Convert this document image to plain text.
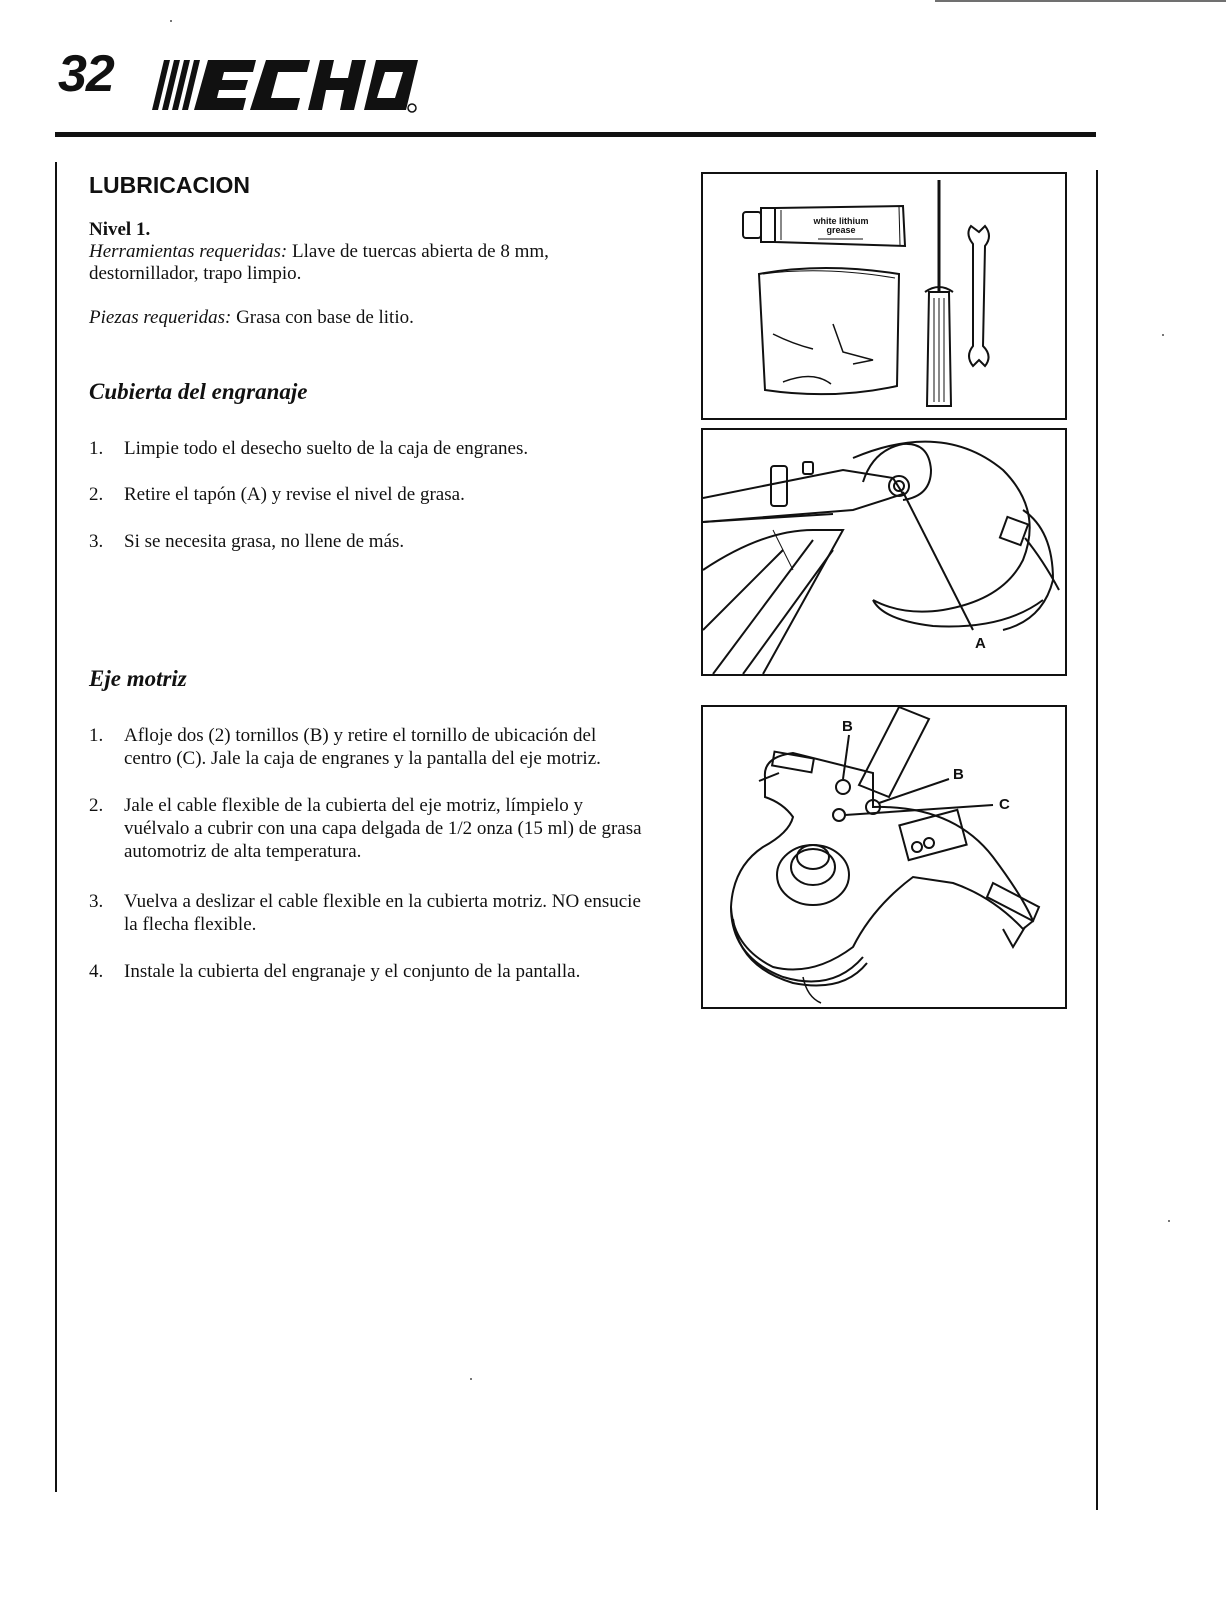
32
LUBRICACION
Nivel 1.
Herramientas requeridas: Llave de tuercas abierta de 8 mm, destornillador, trapo limpio.
Piezas requeridas: Grasa con base de litio.
Cubierta del engranaje
1. Limpie todo el desecho suelto de la caja de engranes.
2. Retire el tapón (A) y revise el nivel de grasa.
3. Si se necesita grasa, no llene de más.
Eje motriz
1. Afloje dos (2) tornillos (B) y retire el tornillo de ubicación del centro (C). Jale la caja de engranes y la pantalla del eje motriz.
2. Jale el cable flexible de la cubierta del eje motriz, límpielo y vuélvalo a cubrir con una capa delgada de 1/2 onza (15 ml) de grasa automotriz de alta temperatura.
3. Vuelva a deslizar el cable flexible en la cubierta motriz. NO ensucie la flecha flexible.
4. Instale la cubierta del engranaje y el conjunto de la pantalla.
white lithium
grease
A
B
B
C
